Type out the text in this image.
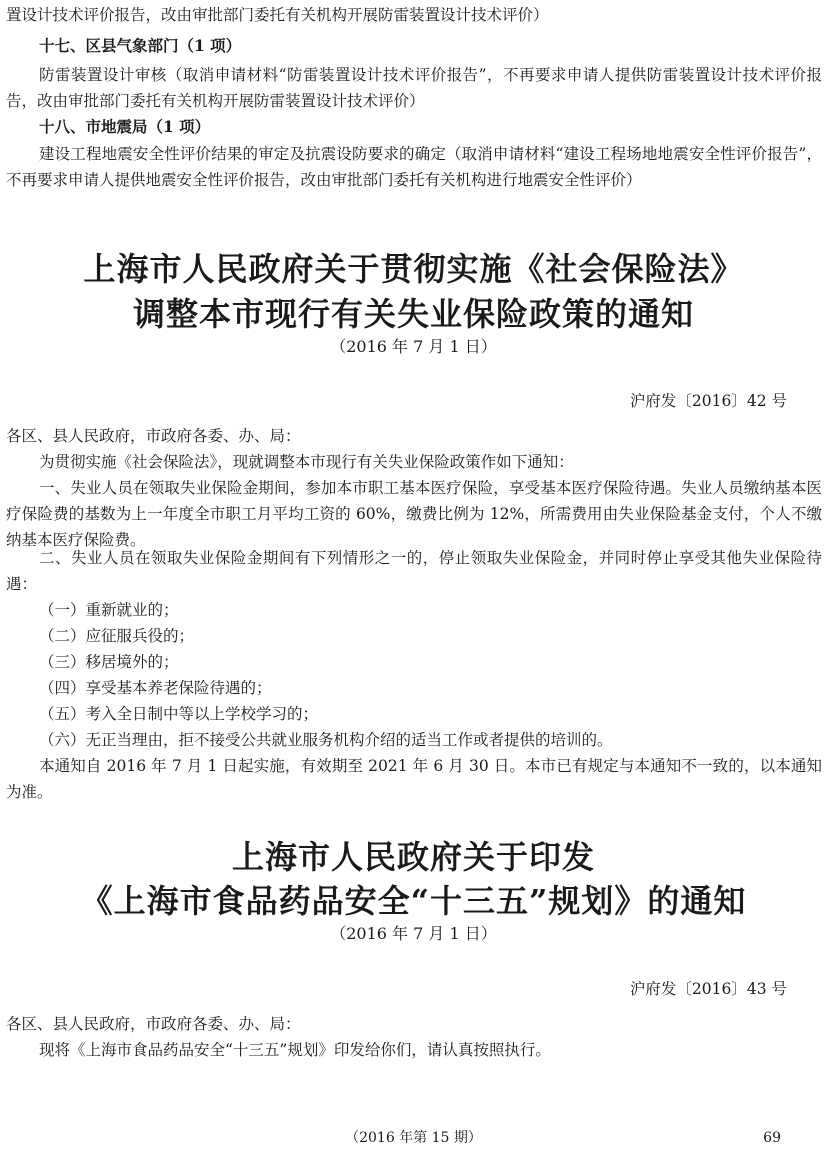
置设计技术评价报告，改由审批部门委托有关机构开展防雷装置设计技术评价）

十七、区县气象部门（1 项）

防雷装置设计审核（取消申请材料“防雷装置设计技术评价报告”，不再要求申请人提供防雷装置设计技术评价报告，改由审批部门委托有关机构开展防雷装置设计技术评价）

十八、市地震局（1 项）

建设工程地震安全性评价结果的审定及抗震设防要求的确定（取消申请材料“建设工程场地地震安全性评价报告”，不再要求申请人提供地震安全性评价报告，改由审批部门委托有关机构进行地震安全性评价）

上海市人民政府关于贯彻实施《社会保险法》
调整本市现行有关失业保险政策的通知
（2016 年 7 月 1 日）
沪府发〔2016〕42 号

各区、县人民政府，市政府各委、办、局：

为贯彻实施《社会保险法》，现就调整本市现行有关失业保险政策作如下通知：

一、失业人员在领取失业保险金期间，参加本市职工基本医疗保险，享受基本医疗保险待遇。失业人员缴纳基本医疗保险费的基数为上一年度全市职工月平均工资的 60%，缴费比例为 12%，所需费用由失业保险基金支付，个人不缴纳基本医疗保险费。

二、失业人员在领取失业保险金期间有下列情形之一的，停止领取失业保险金，并同时停止享受其他失业保险待遇：

（一）重新就业的；

（二）应征服兵役的；

（三）移居境外的；

（四）享受基本养老保险待遇的；

（五）考入全日制中等以上学校学习的；

（六）无正当理由，拒不接受公共就业服务机构介绍的适当工作或者提供的培训的。

本通知自 2016 年 7 月 1 日起实施，有效期至 2021 年 6 月 30 日。本市已有规定与本通知不一致的，以本通知为准。

上海市人民政府关于印发
《上海市食品药品安全“十三五”规划》的通知
（2016 年 7 月 1 日）
沪府发〔2016〕43 号

各区、县人民政府，市政府各委、办、局：

现将《上海市食品药品安全“十三五”规划》印发给你们，请认真按照执行。

（2016 年第 15 期）	69
